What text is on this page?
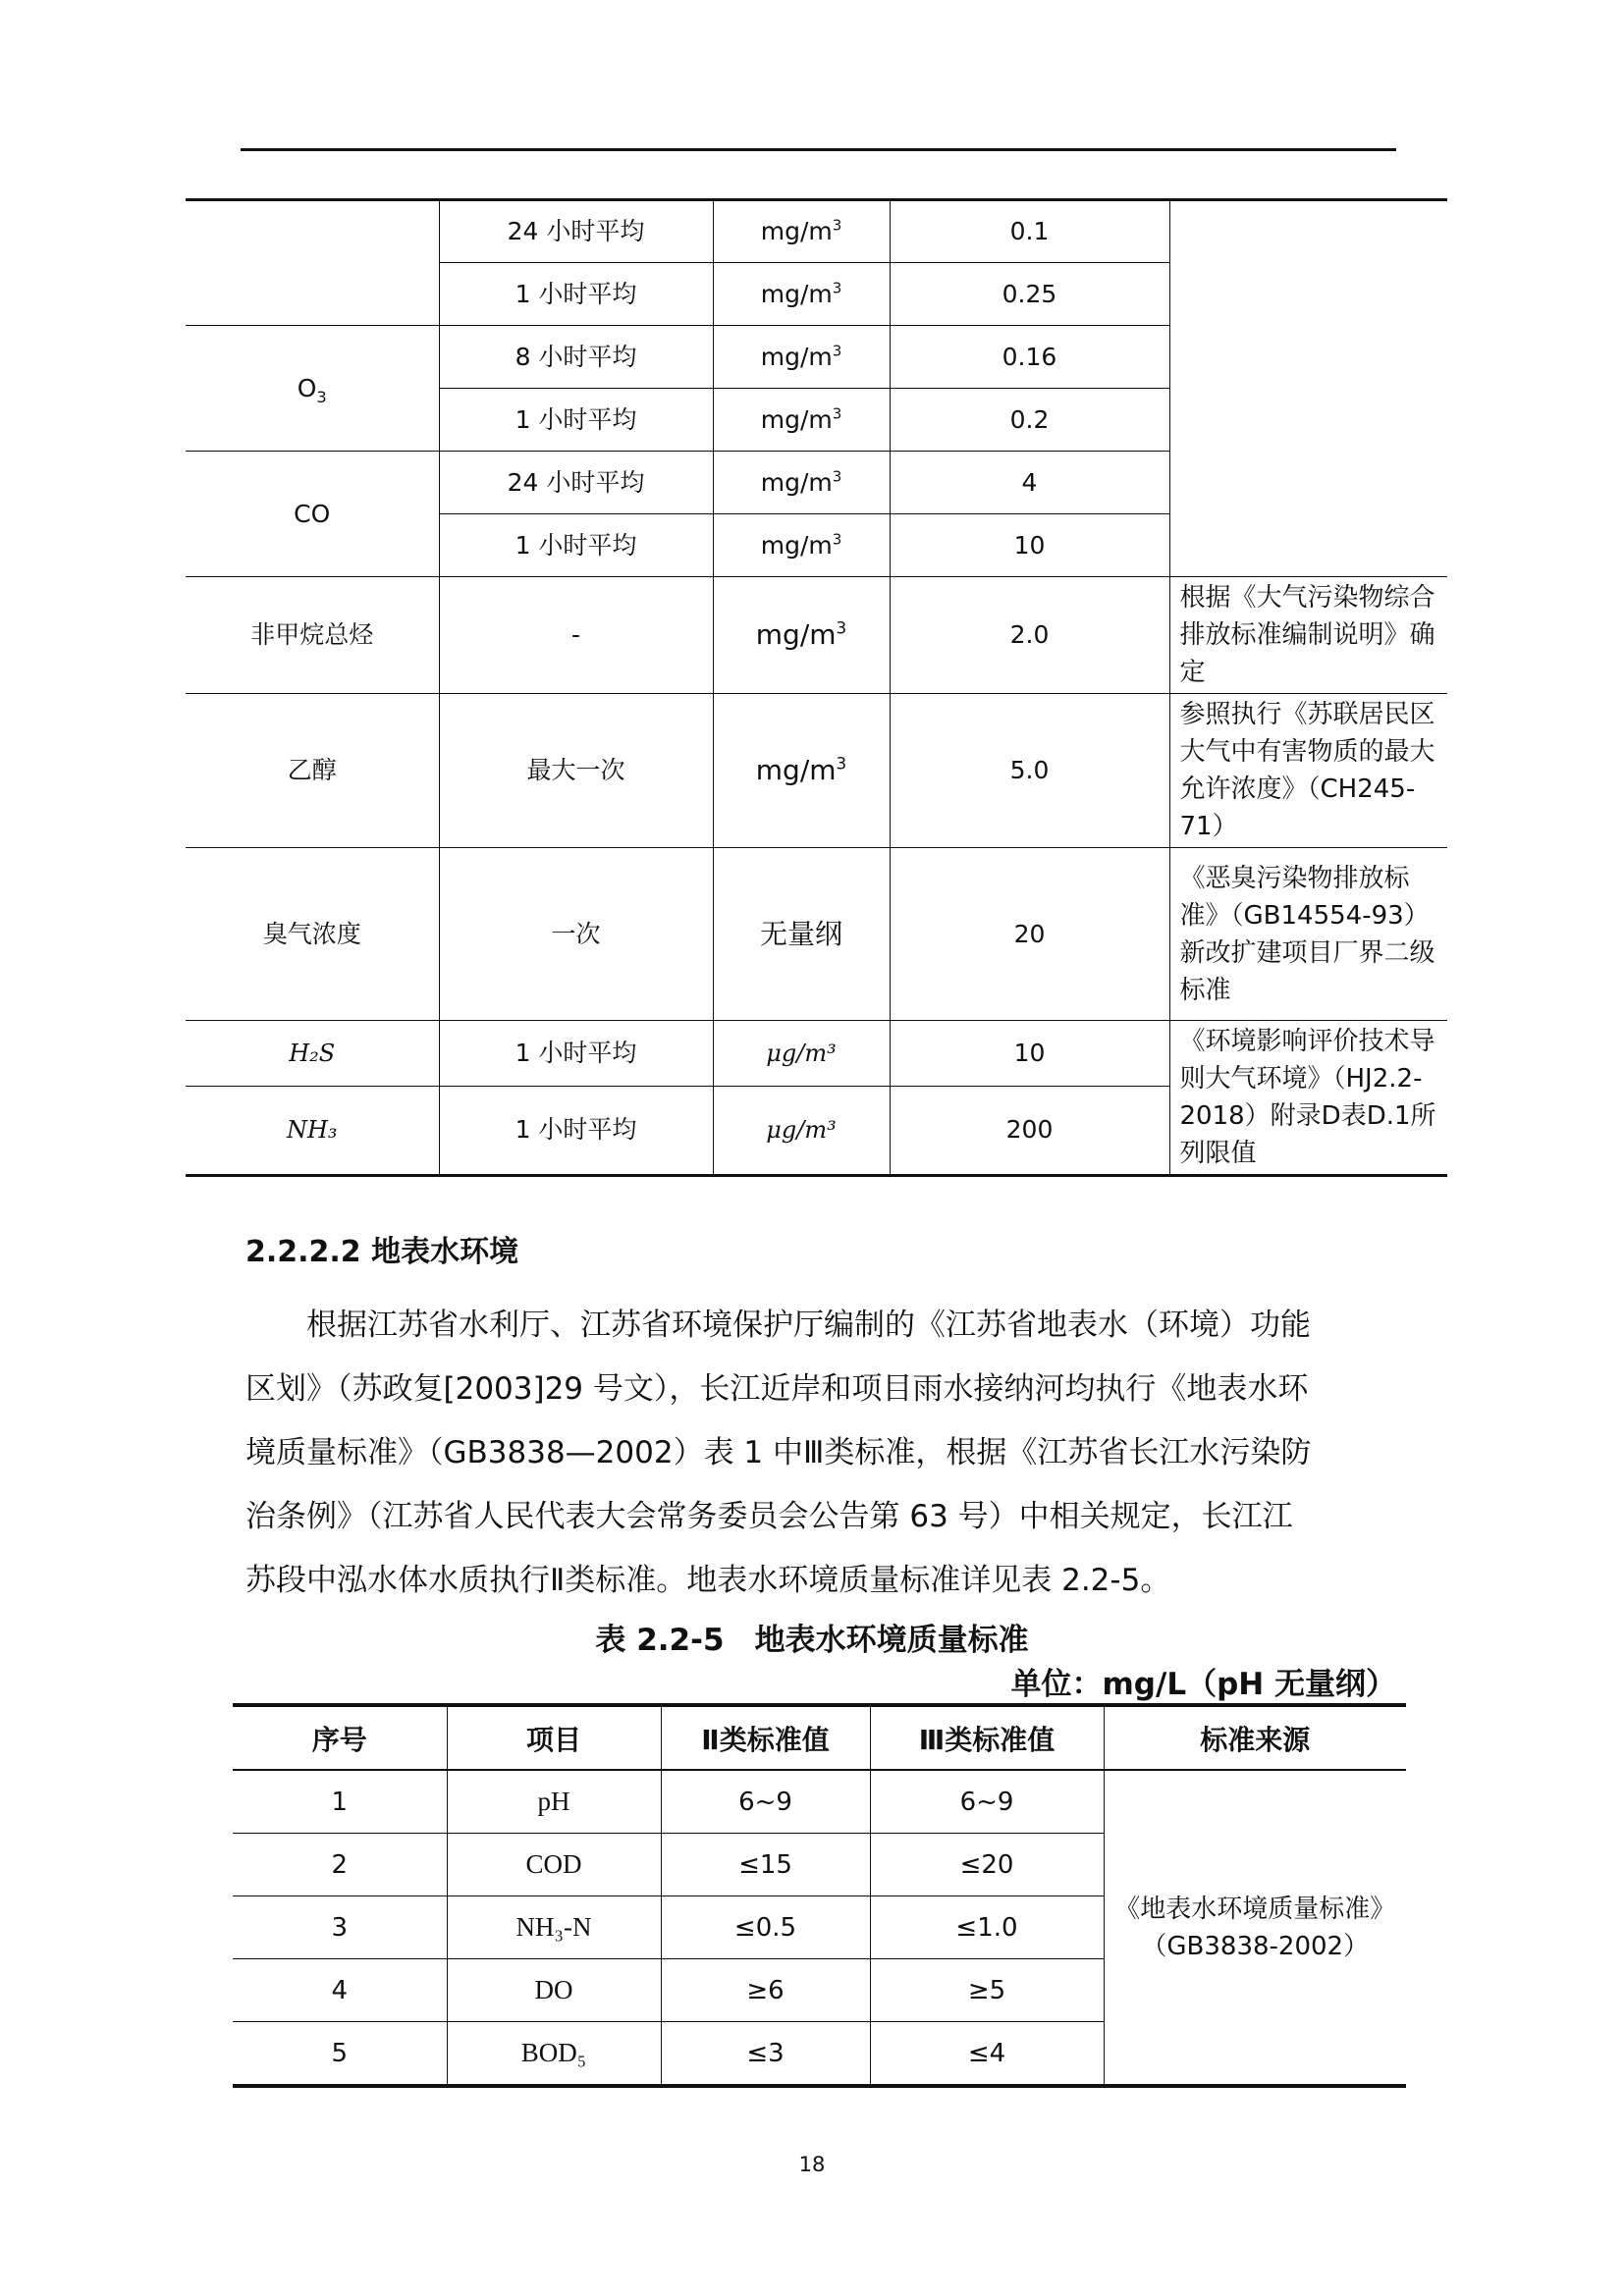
	24 小时平均	$mg/m^3$	0.1	
	1 小时平均	$mg/m^3$	0.25	
$O_3$	8 小时平均	$mg/m^3$	0.16	
	1 小时平均	$mg/m^3$	0.2	
CO	24 小时平均	$mg/m^3$	4	
	1 小时平均	$mg/m^3$	10	
非甲烷总烃	-	$mg/m^3$	2.0	根据《大气污染物综合排放标准编制说明》确定
乙醇	最大一次	$mg/m^3$	5.0	参照执行《苏联居民区大气中有害物质的最大允许浓度》（CH245-71）
臭气浓度	一次	无量纲	20	《恶臭污染物排放标准》（GB14554-93）新改扩建项目厂界二级标准
H₂S	1 小时平均	μg/m³	10	《环境影响评价技术导则大气环境》（HJ2.2-2018）附录D表D.1所列限值
NH₃	1 小时平均	μg/m³	200	
2.2.2.2 地表水环境
根据江苏省水利厅、江苏省环境保护厅编制的《江苏省地表水（环境）功能
区划》（苏政复[2003]29 号文），长江近岸和项目雨水接纳河均执行《地表水环
境质量标准》（GB3838—2002）表 1 中Ⅲ类标准，根据《江苏省长江水污染防
治条例》（江苏省人民代表大会常务委员会公告第 63 号）中相关规定，长江江
苏段中泓水体水质执行Ⅱ类标准。地表水环境质量标准详见表 2.2-5。
表 2.2-5　地表水环境质量标准
单位：mg/L（pH 无量纲）
序号	项目	Ⅱ类标准值	Ⅲ类标准值	标准来源
1	pH	6~9	6~9	《地表水环境质量标准》（GB3838-2002）
2	COD	≤15	≤20	
3	NH₃-N	≤0.5	≤1.0	
4	DO	≥6	≥5	
5	BOD₅	≤3	≤4	
18
